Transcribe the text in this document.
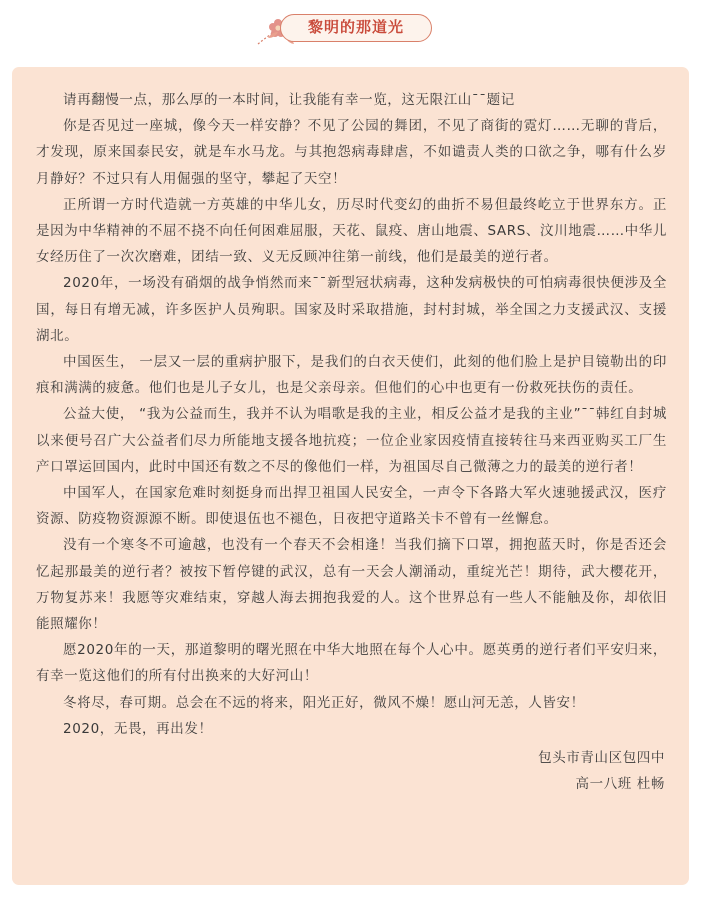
黎明的那道光

请再翻慢一点，那么厚的一本时间，让我能有幸一览，这无限江山¯¯题记

你是否见过一座城，像今天一样安静？不见了公园的舞团，不见了商街的霓灯……无聊的背后，才发现，原来国泰民安，就是车水马龙。与其抱怨病毒肆虐，不如谴责人类的口欲之争，哪有什么岁月静好？不过只有人用倔强的坚守，攀起了天空！

正所谓一方时代造就一方英雄的中华儿女，历尽时代变幻的曲折不易但最终屹立于世界东方。正是因为中华精神的不屈不挠不向任何困难屈服，天花、鼠疫、唐山地震、SARS、汶川地震……中华儿女经历住了一次次磨难，团结一致、义无反顾冲往第一前线，他们是最美的逆行者。

2020年，一场没有硝烟的战争悄然而来¯¯新型冠状病毒，这种发病极快的可怕病毒很快便涉及全国，每日有增无减，许多医护人员殉职。国家及时采取措施，封村封城，举全国之力支援武汉、支援湖北。

中国医生， 一层又一层的重病护服下，是我们的白衣天使们，此刻的他们脸上是护目镜勒出的印痕和满满的疲惫。他们也是儿子女儿，也是父亲母亲。但他们的心中也更有一份救死扶伤的责任。

公益大使， “我为公益而生，我并不认为唱歌是我的主业，相反公益才是我的主业”¯¯韩红自封城以来便号召广大公益者们尽力所能地支援各地抗疫；一位企业家因疫情直接转往马来西亚购买工厂生产口罩运回国内，此时中国还有数之不尽的像他们一样，为祖国尽自己微薄之力的最美的逆行者！

中国军人，在国家危难时刻挺身而出捍卫祖国人民安全，一声令下各路大军火速驰援武汉，医疗资源、防疫物资源源不断。即使退伍也不褪色，日夜把守道路关卡不曾有一丝懈怠。

没有一个寒冬不可逾越，也没有一个春天不会相逢！当我们摘下口罩，拥抱蓝天时，你是否还会忆起那最美的逆行者？被按下暂停键的武汉，总有一天会人潮涌动，重绽光芒！期待，武大樱花开，万物复苏来！我愿等灾难结束，穿越人海去拥抱我爱的人。这个世界总有一些人不能触及你，却依旧能照耀你！

愿2020年的一天，那道黎明的曙光照在中华大地照在每个人心中。愿英勇的逆行者们平安归来，有幸一览这他们的所有付出换来的大好河山！

冬将尽，春可期。总会在不远的将来，阳光正好，微风不燥！愿山河无恙，人皆安！

2020，无畏，再出发！

包头市青山区包四中

高一八班 杜畅
